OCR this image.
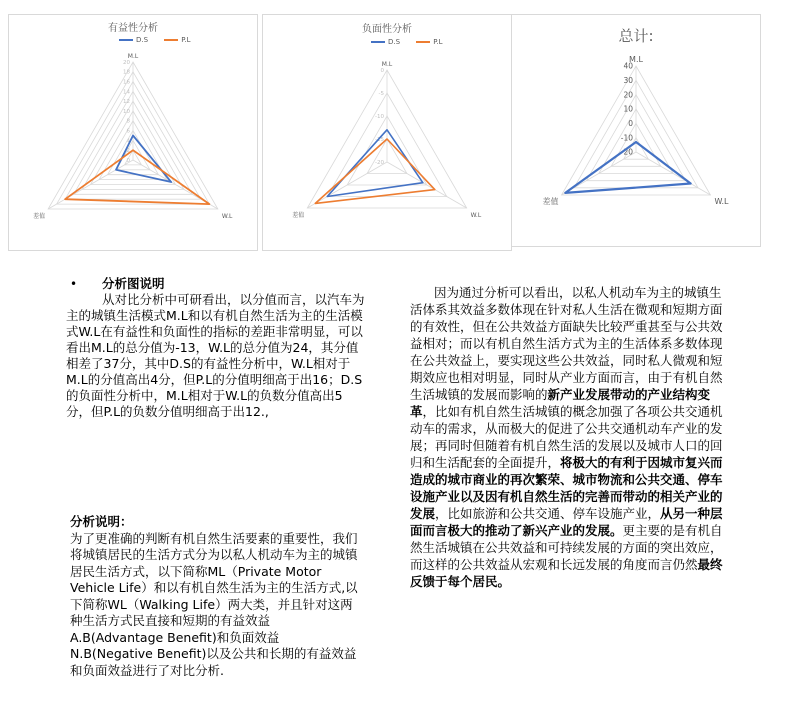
有益性分析
D.S	P.L
0
2
4
6
8
10
12
14
16
18
20
M.L
W.L
差值
负面性分析
D.S	P.L
-20
-15
-10
-5
0
M.L
W.L
差值
总计:
-20
-10
0
10
20
30
40
M.L
W.L
差值
•	分析图说明
从对比分析中可研看出，以分值而言，以汽车为主的城镇生活模式M.L和以有机自然生活为主的生活模式W.L在有益性和负面性的指标的差距非常明显，可以看出M.L的总分值为-13，W.L的总分值为24，其分值相差了37分，其中D.S的有益性分析中，W.L相对于M.L的分值高出4分，但P.L的分值明细高于出16；D.S的负面性分析中，M.L相对于W.L的负数分值高出5分，但P.L的负数分值明细高于出12.,
分析说明：
为了更准确的判断有机自然生活要素的重要性，我们将城镇居民的生活方式分为以私人机动车为主的城镇居民生活方式，以下简称ML（Private Motor Vehicle Life）和以有机自然生活为主的生活方式,以下简称WL（Walking Life）两大类，并且针对这两种生活方式民直接和短期的有益效益A.B(Advantage Benefit)和负面效益N.B(Negative Benefit)以及公共和长期的有益效益和负面效益进行了对比分析.
因为通过分析可以看出，以私人机动车为主的城镇生活体系其效益多数体现在针对私人生活在微观和短期方面的有效性，但在公共效益方面缺失比较严重甚至与公共效益相对；而以有机自然生活方式为主的生活体系多数体现在公共效益上，要实现这些公共效益，同时私人微观和短期效应也相对明显，同时从产业方面而言，由于有机自然生活城镇的发展而影响的新产业发展带动的产业结构变革，比如有机自然生活城镇的概念加强了各项公共交通机动车的需求，从而极大的促进了公共交通机动车产业的发展；再同时但随着有机自然生活的发展以及城市人口的回归和生活配套的全面提升，将极大的有利于因城市复兴而造成的城市商业的再次繁荣、城市物流和公共交通、停车设施产业以及因有机自然生活的完善而带动的相关产业的发展，比如旅游和公共交通、停车设施产业，从另一种层面而言极大的推动了新兴产业的发展。更主要的是有机自然生活城镇在公共效益和可持续发展的方面的突出效应，而这样的公共效益从宏观和长远发展的角度而言仍然最终反馈于每个居民。
